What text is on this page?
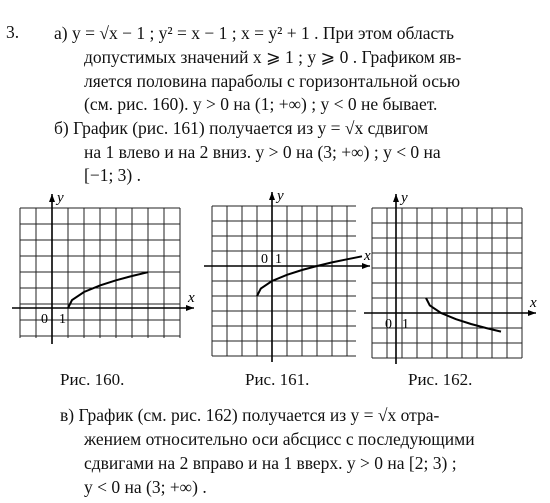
3. а) y = √x − 1 ; y² = x − 1 ; x = y² + 1 . При этом область
допустимых значений x ⩾ 1 ; y ⩾ 0 . Графиком яв-
ляется половина параболы с горизонтальной осью
(см. рис. 160). y > 0 на (1; +∞) ; y < 0 не бывает.
б) График (рис. 161) получается из y = √x сдвигом
на 1 влево и на 2 вниз. y > 0 на (3; +∞) ; y < 0 на
[−1; 3) .
x
y
0 1
Рис. 160.
x
y
0 1
Рис. 161.
x
y
0 1
Рис. 162.
в) График (см. рис. 162) получается из y = √x отра-
жением относительно оси абсцисс с последующими
сдвигами на 2 вправо и на 1 вверх. y > 0 на [2; 3) ;
y < 0 на (3; +∞) .
